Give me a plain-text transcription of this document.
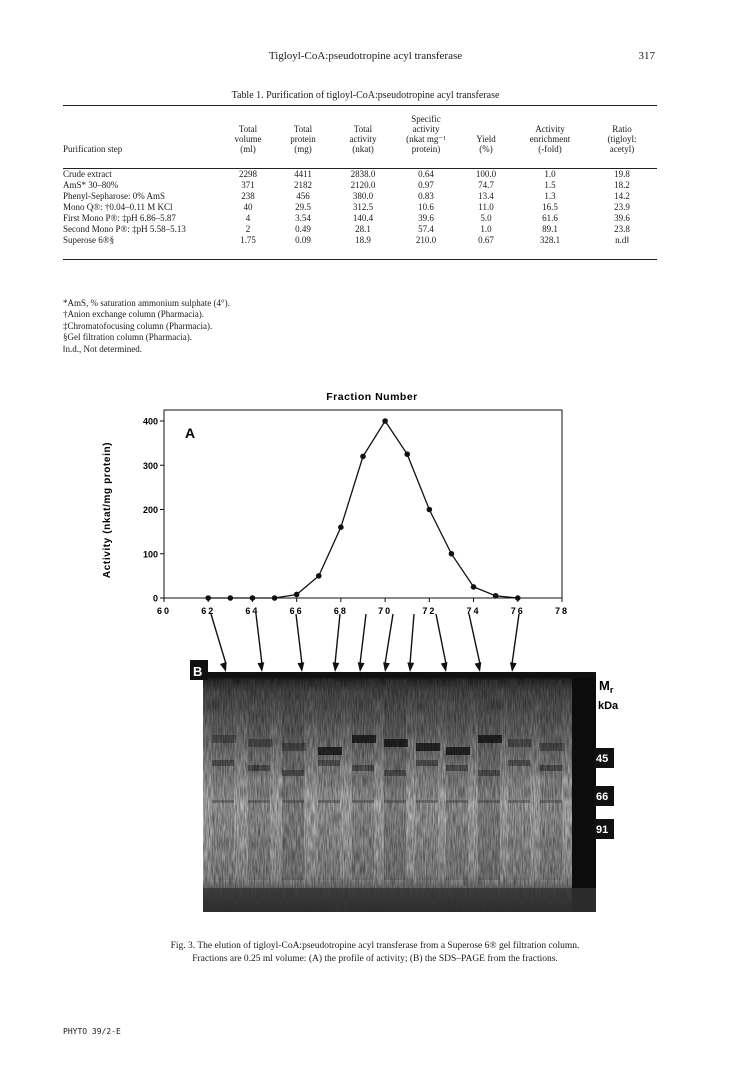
Tigloyl-CoA:pseudotropine acyl transferase	317
Table 1. Purification of tigloyl-CoA:pseudotropine acyl transferase
				Specific			
	Total	Total	Total	activity		Activity	Ratio
	volume	protein	activity	(nkat mg⁻¹	Yield	enrichment	(tigloyl:
Purification step	(ml)	(mg)	(nkat)	protein)	(%)	(-fold)	acetyl)

Crude extract	2298	4411	2838.0	0.64	100.0	1.0	19.8
AmS* 30–80%	371	2182	2120.0	0.97	74.7	1.5	18.2
Phenyl-Sepharose: 0% AmS	238	456	380.0	0.83	13.4	1.3	14.2
Mono Q®: †0.04–0.11 M KCl	40	29.5	312.5	10.6	11.0	16.5	23.9
First Mono P®: ‡pH 6.86–5.87	4	3.54	140.4	39.6	5.0	61.6	39.6
Second Mono P®: ‡pH 5.58–5.13	2	0.49	28.1	57.4	1.0	89.1	23.8
Superose 6®§	1.75	0.09	18.9	210.0	0.67	328.1	n.d‖
*AmS, % saturation ammonium sulphate (4°).
†Anion exchange column (Pharmacia).
‡Chromatofocusing column (Pharmacia).
§Gel filtration column (Pharmacia).
‖n.d., Not determined.
Fraction Number
Activity (nkat/mg protein)
0
100
200
300
400
60	62	64	66	68	70	72	74	76	78
A
B
$M_r$
kDa
45
66
91
Fig. 3. The elution of tigloyl-CoA:pseudotropine acyl transferase from a Superose 6® gel filtration column.
Fractions are 0.25 ml volume: (A) the profile of activity; (B) the SDS–PAGE from the fractions.
PHYTO 39/2-E
